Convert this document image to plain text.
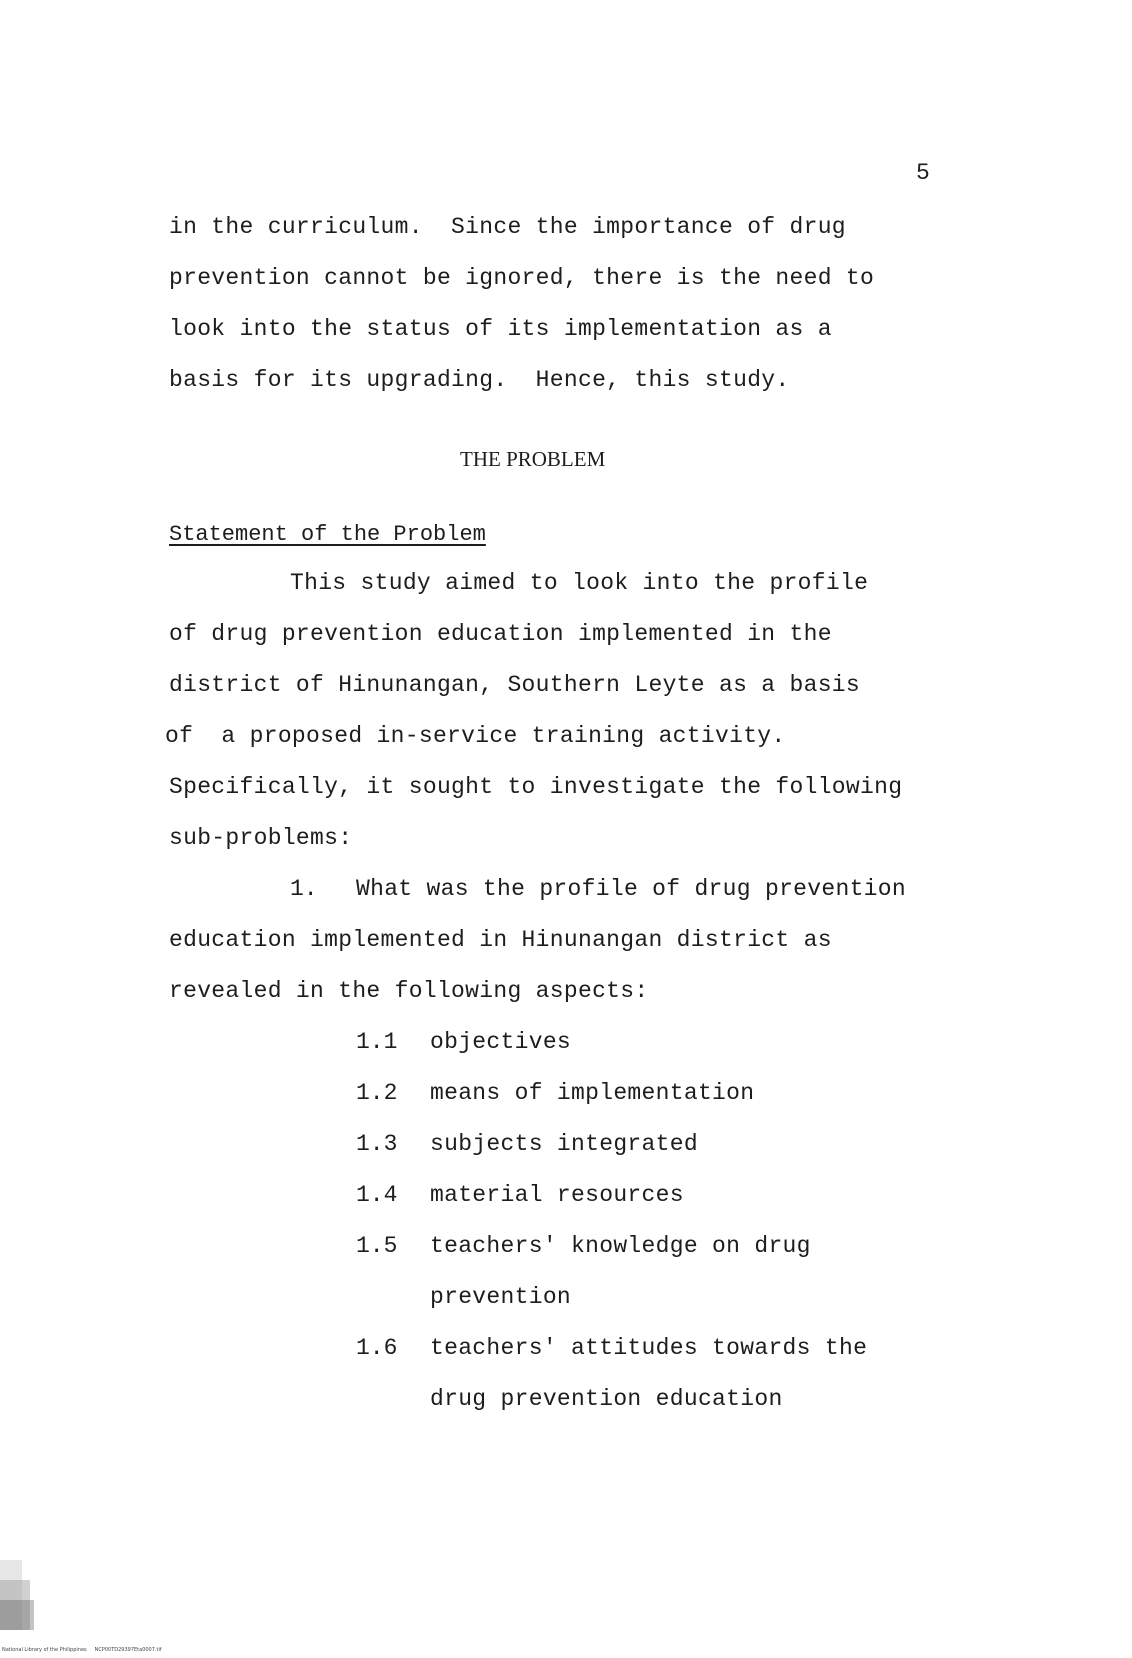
5
in the curriculum.  Since the importance of drug
prevention cannot be ignored, there is the need to
look into the status of its implementation as a
basis for its upgrading.  Hence, this study.
THE PROBLEM
Statement of the Problem
This study aimed to look into the profile
of drug prevention education implemented in the
district of Hinunangan, Southern Leyte as a basis
of  a proposed in-service training activity.
Specifically, it sought to investigate the following
sub-problems:
1. What was the profile of drug prevention
education implemented in Hinunangan district as
revealed in the following aspects:
1.1 objectives
1.2 means of implementation
1.3 subjects integrated
1.4 material resources
1.5 teachers' knowledge on drug
prevention
1.6 teachers' attitudes towards the
drug prevention education
National Library of the Philippines NCP00TD29397Eta0007.tif
